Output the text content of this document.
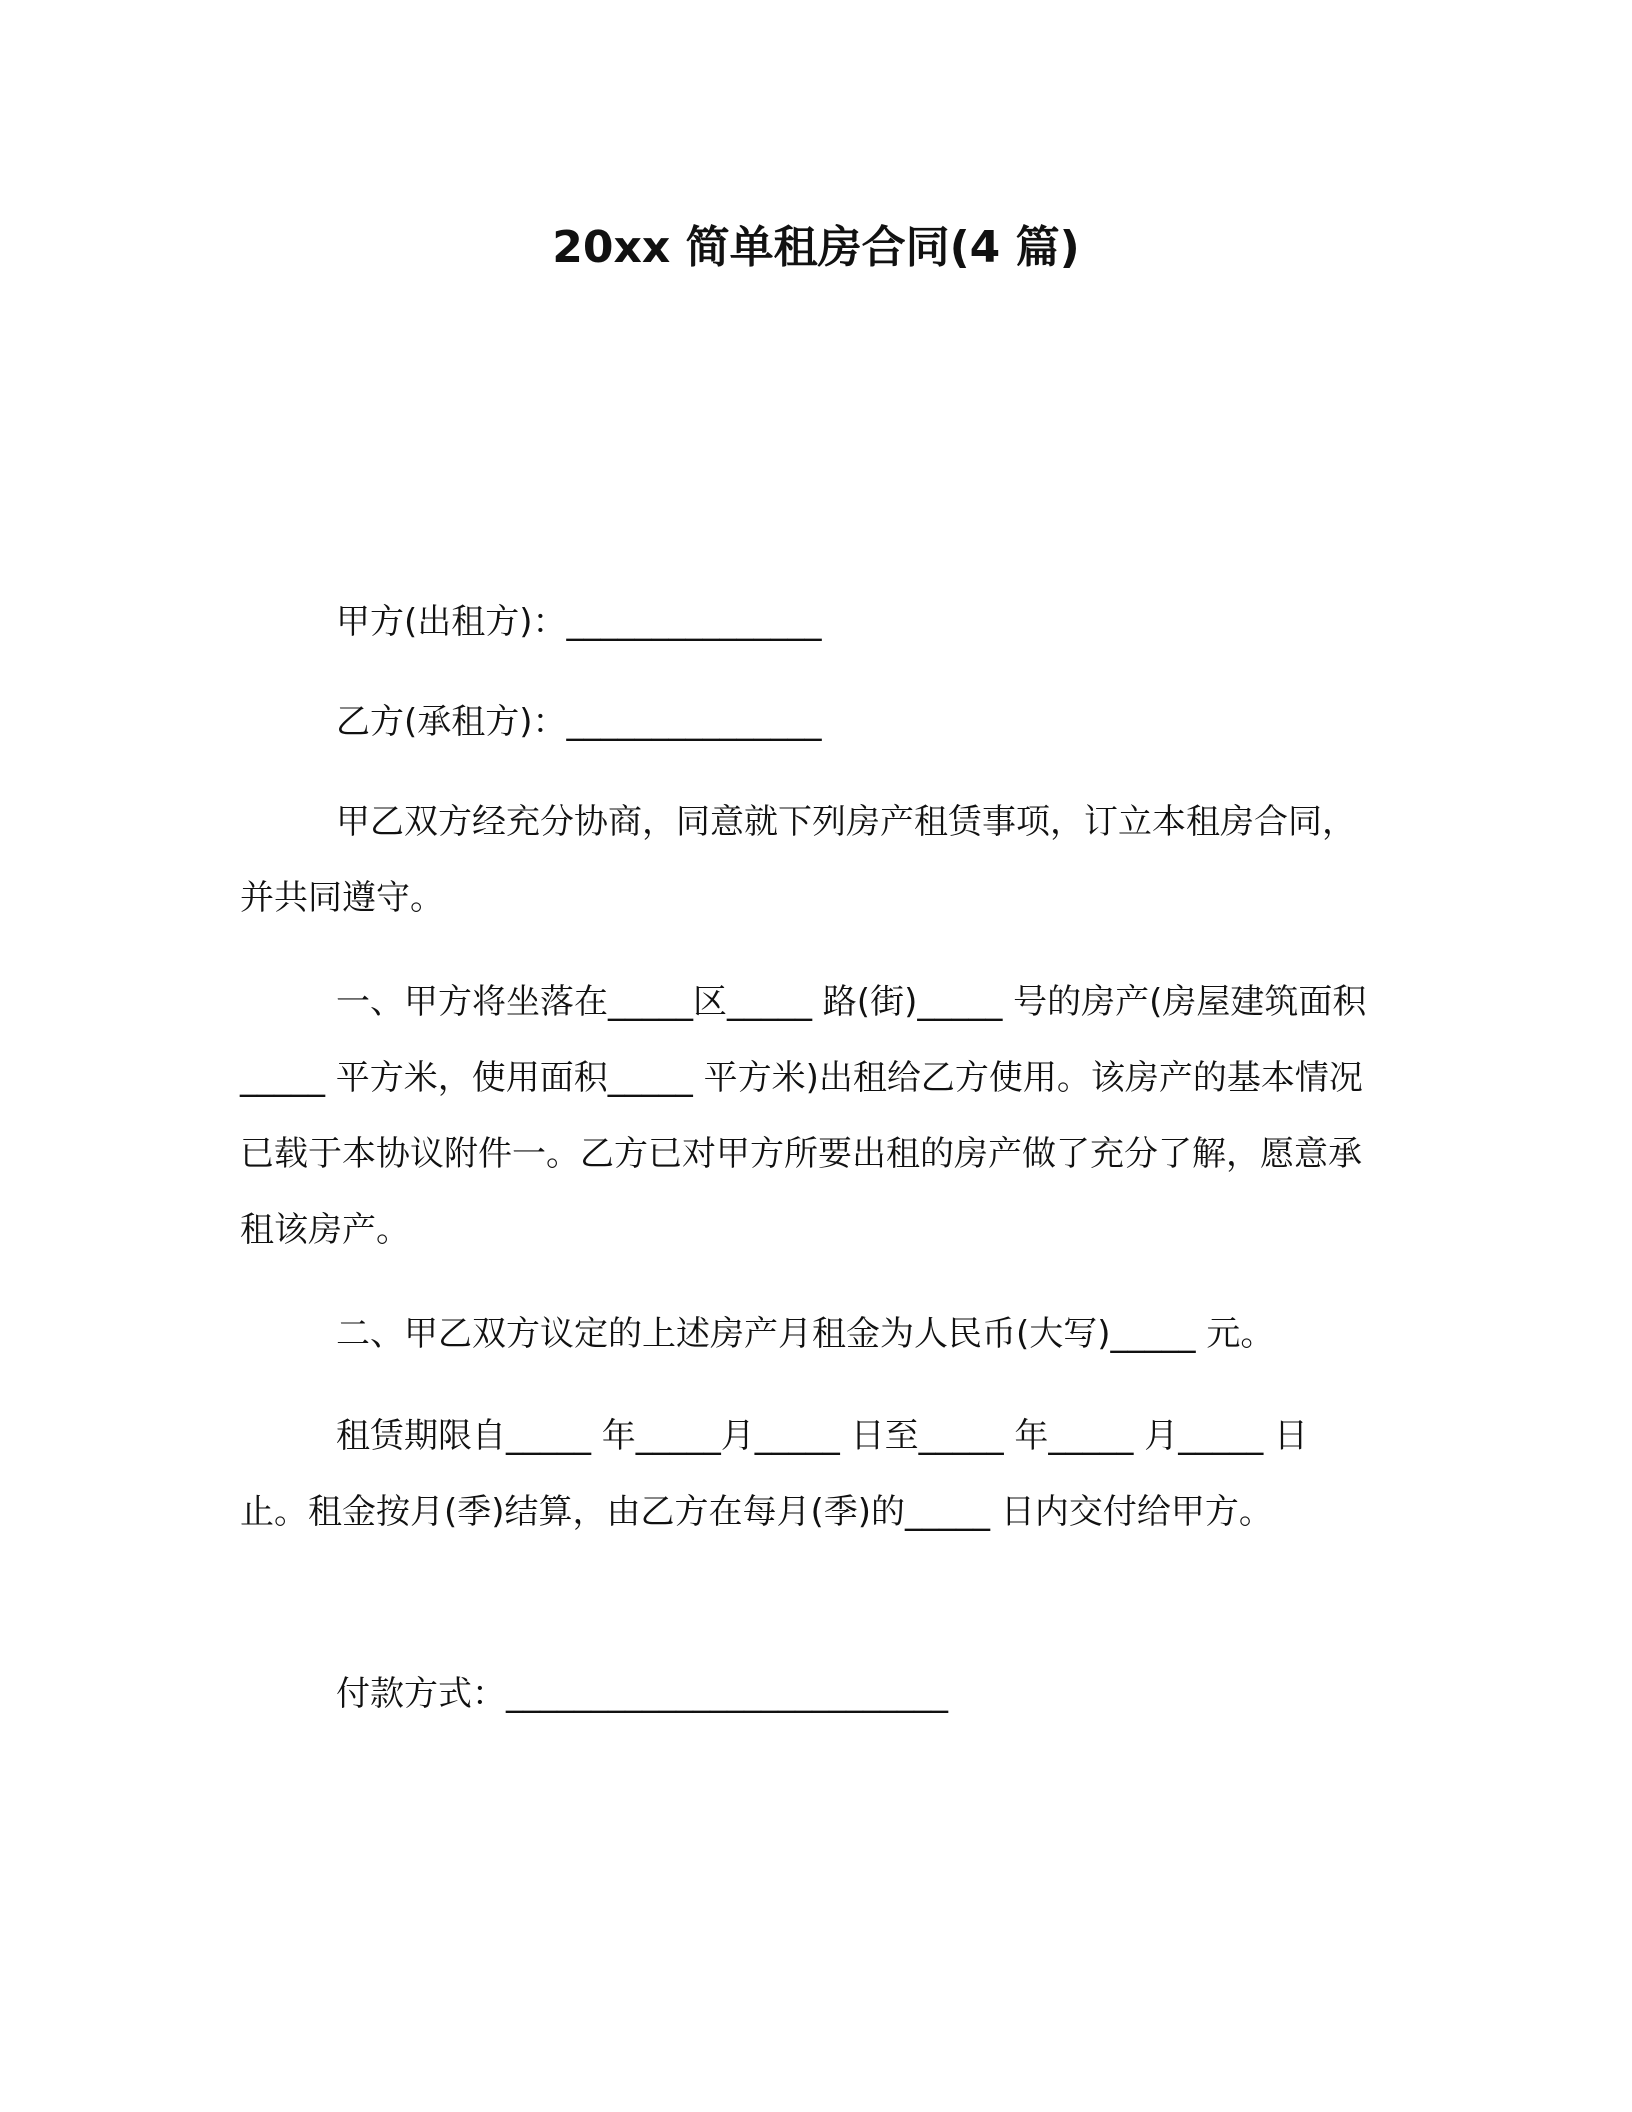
20xx 简单租房合同(4 篇)

甲方(出租方)：_______________

乙方(承租方)：_______________

甲乙双方经充分协商，同意就下列房产租赁事项，订立本租房合同，并共同遵守。

一、甲方将坐落在_____区_____ 路(街)_____ 号的房产(房屋建筑面积_____ 平方米，使用面积_____ 平方米)出租给乙方使用。该房产的基本情况已载于本协议附件一。乙方已对甲方所要出租的房产做了充分了解，愿意承租该房产。

二、甲乙双方议定的上述房产月租金为人民币(大写)_____ 元。

租赁期限自_____ 年_____月_____ 日至_____ 年_____ 月_____ 日止。租金按月(季)结算，由乙方在每月(季)的_____ 日内交付给甲方。

付款方式：__________________________
